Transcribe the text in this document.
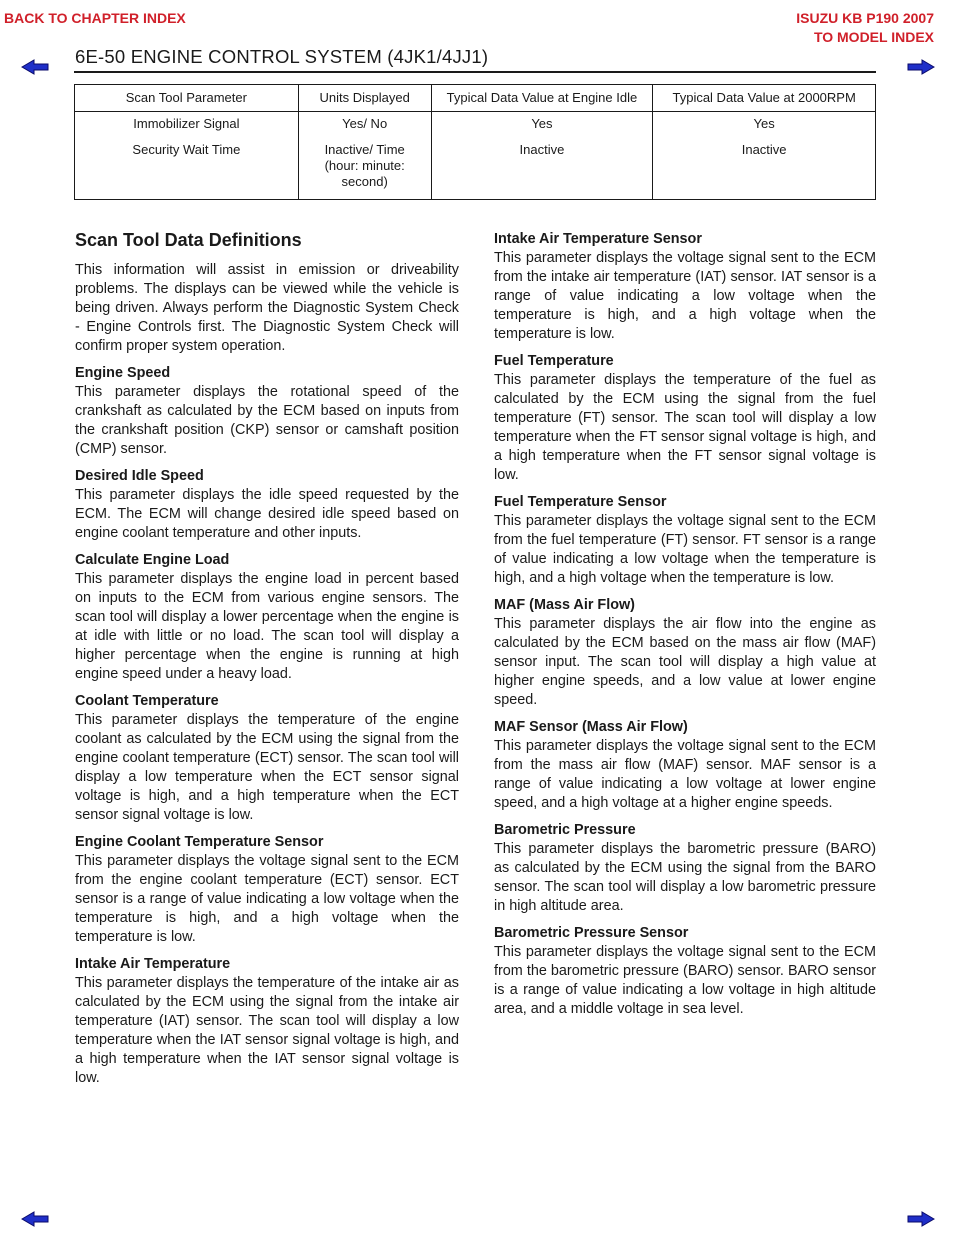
BACK TO CHAPTER INDEX	ISUZU KB P190 2007
TO MODEL INDEX
6E-50 ENGINE CONTROL SYSTEM (4JK1/4JJ1)
Scan Tool Parameter	Units Displayed	Typical Data Value at Engine Idle	Typical Data Value at 2000RPM
Immobilizer Signal	Yes/ No	Yes	Yes
Security Wait Time	Inactive/ Time (hour: minute: second)	Inactive	Inactive
Scan Tool Data Definitions

This information will assist in emission or driveability problems. The displays can be viewed while the vehicle is being driven. Always perform the Diagnostic System Check - Engine Controls first. The Diagnostic System Check will confirm proper system operation.

Engine Speed
This parameter displays the rotational speed of the crankshaft as calculated by the ECM based on inputs from the crankshaft position (CKP) sensor or camshaft position (CMP) sensor.
Desired Idle Speed
This parameter displays the idle speed requested by the ECM. The ECM will change desired idle speed based on engine coolant temperature and other inputs.
Calculate Engine Load
This parameter displays the engine load in percent based on inputs to the ECM from various engine sensors. The scan tool will display a lower percentage when the engine is at idle with little or no load. The scan tool will display a higher percentage when the engine is running at high engine speed under a heavy load.
Coolant Temperature
This parameter displays the temperature of the engine coolant as calculated by the ECM using the signal from the engine coolant temperature (ECT) sensor. The scan tool will display a low temperature when the ECT sensor signal voltage is high, and a high temperature when the ECT sensor signal voltage is low.
Engine Coolant Temperature Sensor
This parameter displays the voltage signal sent to the ECM from the engine coolant temperature (ECT) sensor. ECT sensor is a range of value indicating a low voltage when the temperature is high, and a high voltage when the temperature is low.
Intake Air Temperature
This parameter displays the temperature of the intake air as calculated by the ECM using the signal from the intake air temperature (IAT) sensor. The scan tool will display a low temperature when the IAT sensor signal voltage is high, and a high temperature when the IAT sensor signal voltage is low.
Intake Air Temperature Sensor
This parameter displays the voltage signal sent to the ECM from the intake air temperature (IAT) sensor. IAT sensor is a range of value indicating a low voltage when the temperature is high, and a high voltage when the temperature is low.
Fuel Temperature
This parameter displays the temperature of the fuel as calculated by the ECM using the signal from the fuel temperature (FT) sensor. The scan tool will display a low temperature when the FT sensor signal voltage is high, and a high temperature when the FT sensor signal voltage is low.
Fuel Temperature Sensor
This parameter displays the voltage signal sent to the ECM from the fuel temperature (FT) sensor. FT sensor is a range of value indicating a low voltage when the temperature is high, and a high voltage when the temperature is low.
MAF (Mass Air Flow)
This parameter displays the air flow into the engine as calculated by the ECM based on the mass air flow (MAF) sensor input. The scan tool will display a high value at higher engine speeds, and a low value at lower engine speed.
MAF Sensor (Mass Air Flow)
This parameter displays the voltage signal sent to the ECM from the mass air flow (MAF) sensor. MAF sensor is a range of value indicating a low voltage at lower engine speed, and a high voltage at a higher engine speeds.
Barometric Pressure
This parameter displays the barometric pressure (BARO) as calculated by the ECM using the signal from the BARO sensor. The scan tool will display a low barometric pressure in high altitude area.
Barometric Pressure Sensor
This parameter displays the voltage signal sent to the ECM from the barometric pressure (BARO) sensor. BARO sensor is a range of value indicating a low voltage in high altitude area, and a middle voltage in sea level.
